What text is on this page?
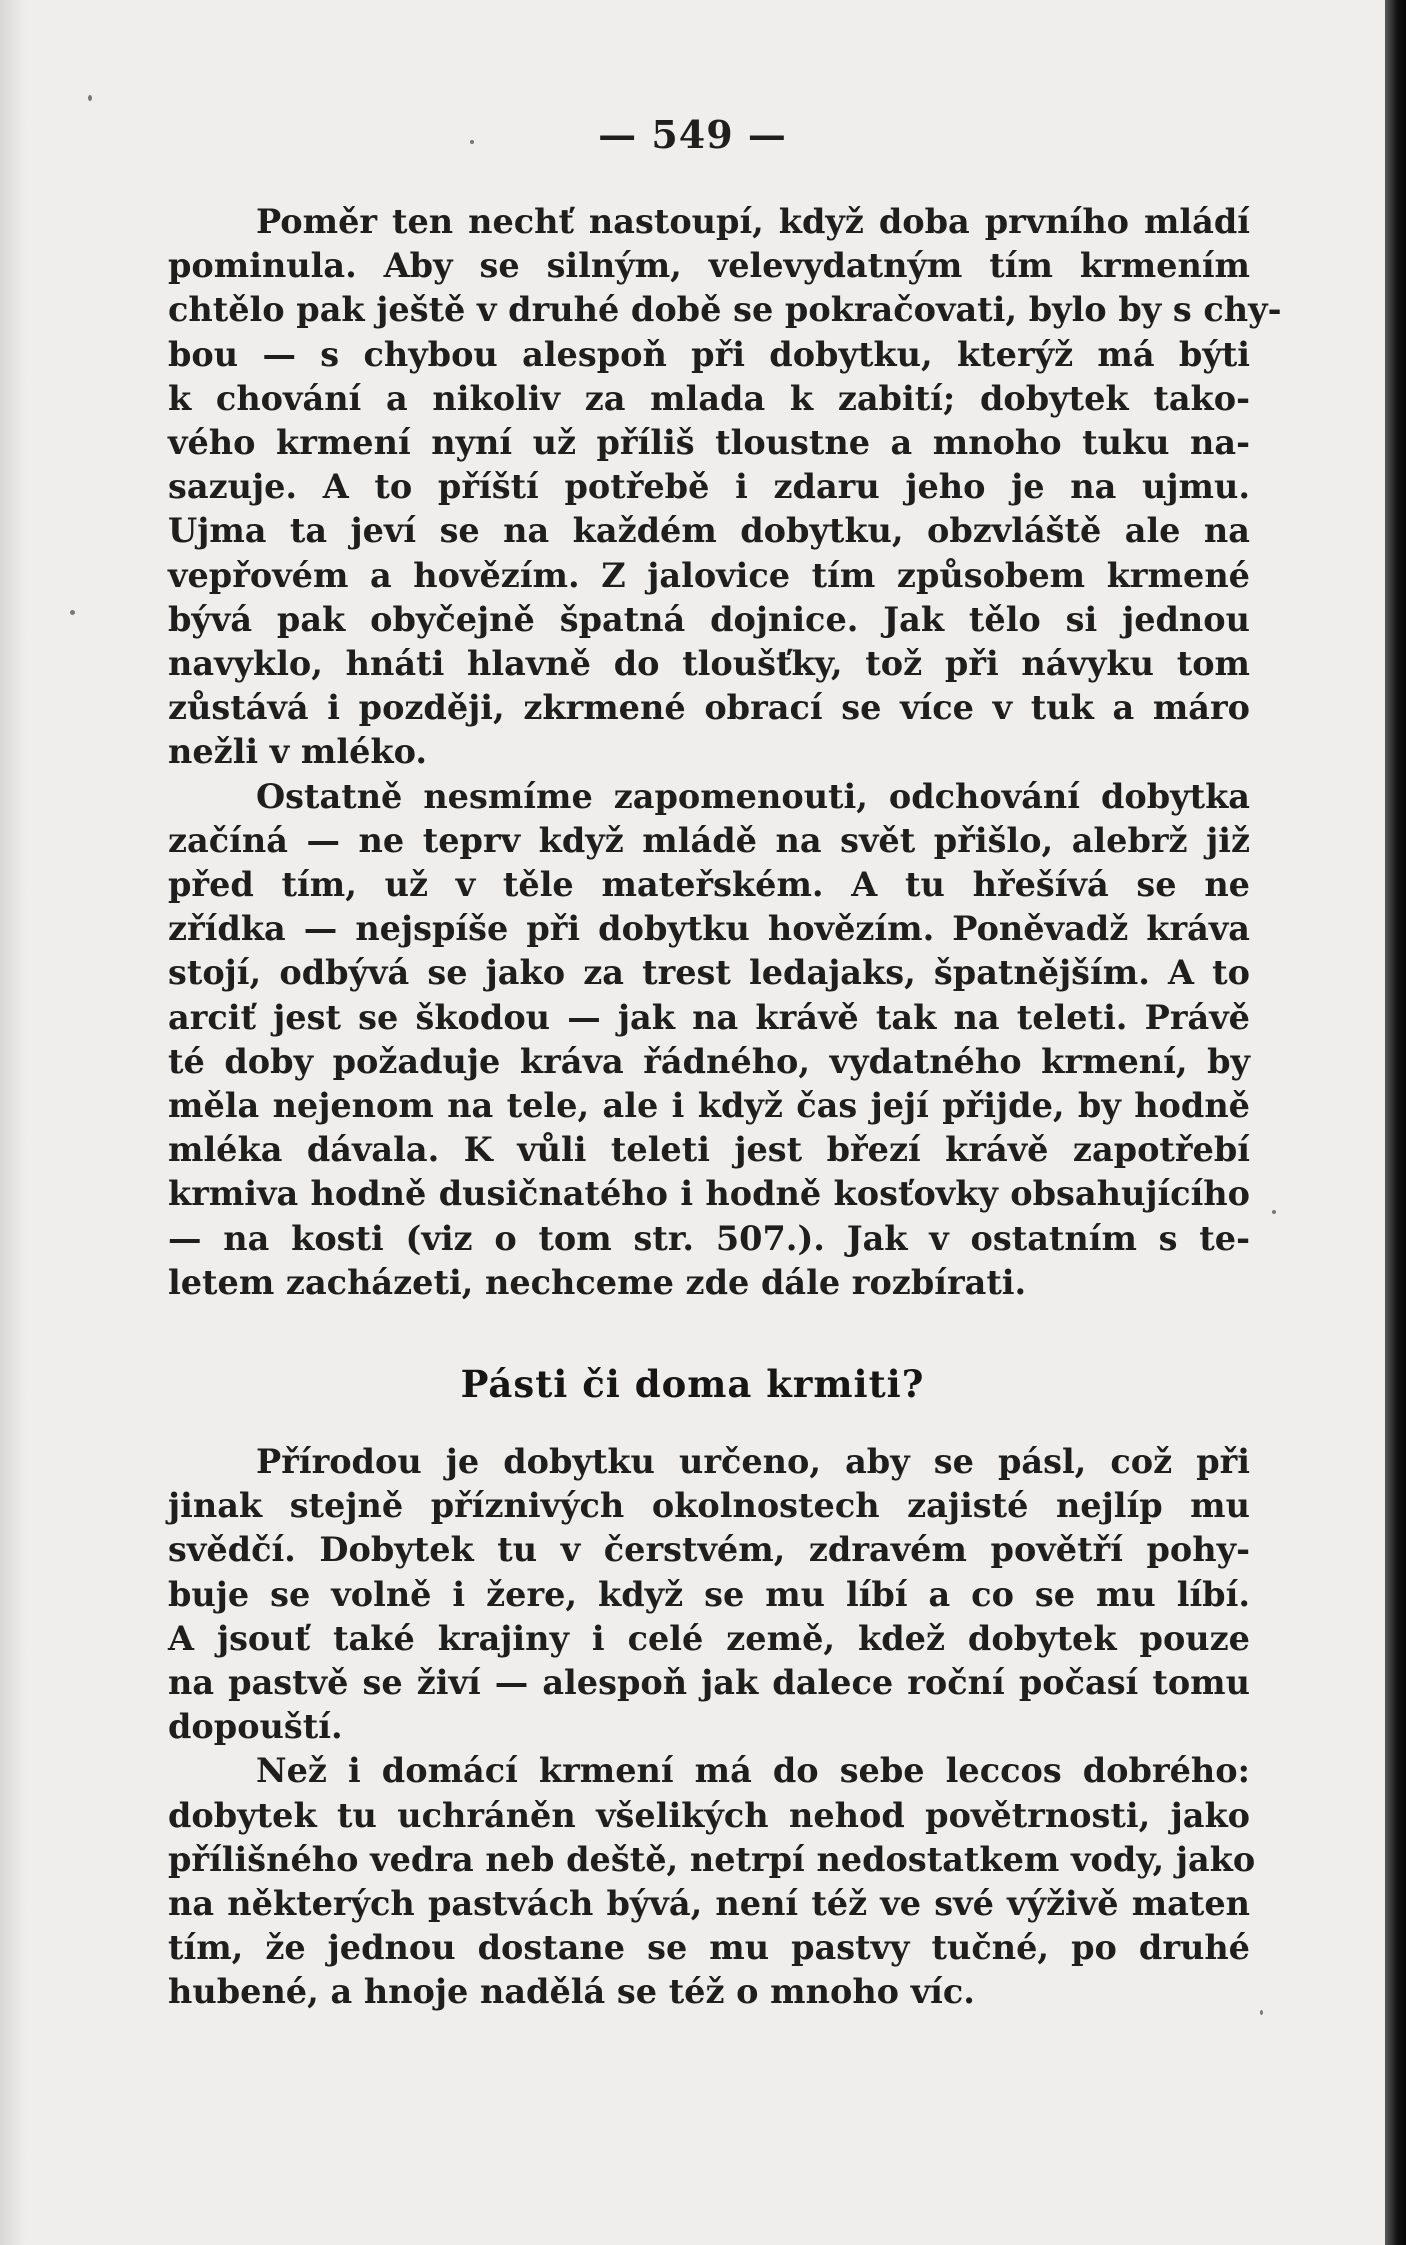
— 549 —
Poměr ten nechť nastoupí, když doba prvního mládí
pominula. Aby se silným, velevydatným tím krmením
chtělo pak ještě v druhé době se pokračovati, bylo by s chy-
bou — s chybou alespoň při dobytku, kterýž má býti
k chování a nikoliv za mlada k zabití; dobytek tako-
vého krmení nyní už příliš tloustne a mnoho tuku na-
sazuje. A to příští potřebě i zdaru jeho je na ujmu.
Ujma ta jeví se na každém dobytku, obzvláště ale na
vepřovém a hovězím. Z jalovice tím způsobem krmené
bývá pak obyčejně špatná dojnice. Jak tělo si jednou
navyklo, hnáti hlavně do tloušťky, tož při návyku tom
zůstává i později, zkrmené obrací se více v tuk a máro
nežli v mléko.
Ostatně nesmíme zapomenouti, odchování dobytka
začíná — ne teprv když mládě na svět přišlo, alebrž již
před tím, už v těle mateřském. A tu hřešívá se ne
zřídka — nejspíše při dobytku hovězím. Poněvadž kráva
stojí, odbývá se jako za trest ledajaks, špatnějším. A to
arciť jest se škodou — jak na krávě tak na teleti. Právě
té doby požaduje kráva řádného, vydatného krmení, by
měla nejenom na tele, ale i když čas její přijde, by hodně
mléka dávala. K vůli teleti jest březí krávě zapotřebí
krmiva hodně dusičnatého i hodně kosťovky obsahujícího
— na kosti (viz o tom str. 507.). Jak v ostatním s te-
letem zacházeti, nechceme zde dále rozbírati.
Pásti či doma krmiti?
Přírodou je dobytku určeno, aby se pásl, což při
jinak stejně příznivých okolnostech zajisté nejlíp mu
svědčí. Dobytek tu v čerstvém, zdravém povětří pohy-
buje se volně i žere, když se mu líbí a co se mu líbí.
A jsouť také krajiny i celé země, kdež dobytek pouze
na pastvě se živí — alespoň jak dalece roční počasí tomu
dopouští.
Než i domácí krmení má do sebe leccos dobrého:
dobytek tu uchráněn všelikých nehod povětrnosti, jako
přílišného vedra neb deště, netrpí nedostatkem vody, jako
na některých pastvách bývá, není též ve své výživě maten
tím, že jednou dostane se mu pastvy tučné, po druhé
hubené, a hnoje nadělá se též o mnoho víc.
